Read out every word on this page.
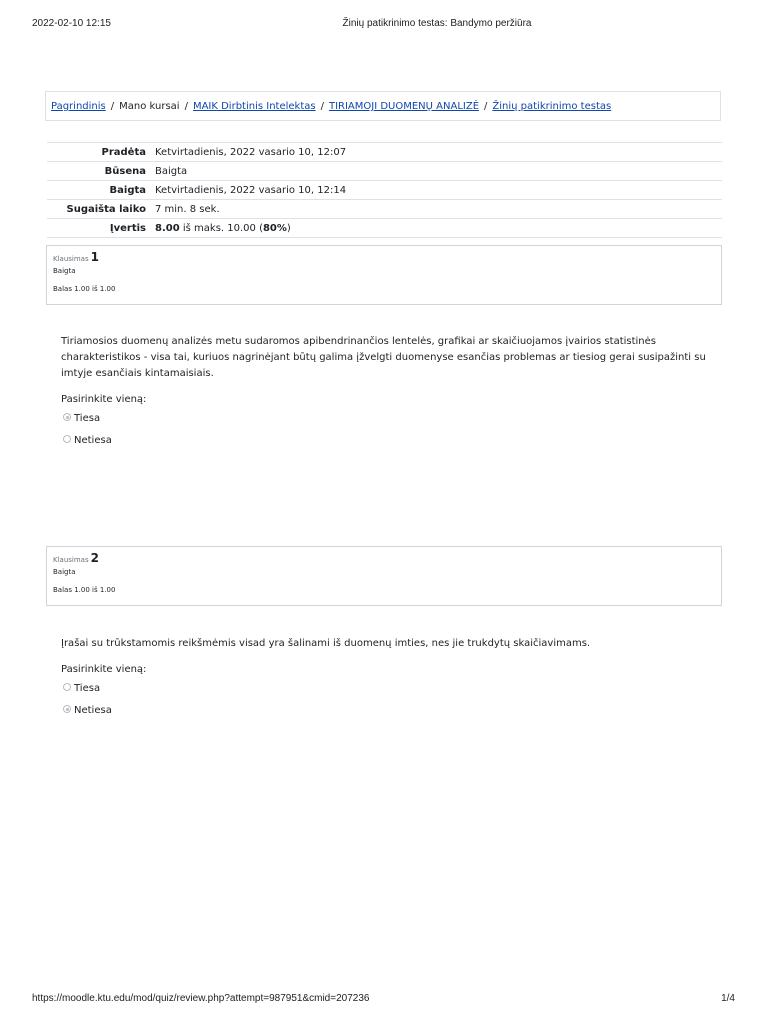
2022-02-10 12:15	Žinių patikrinimo testas: Bandymo peržiūra
Pagrindinis / Mano kursai / MAIK Dirbtinis Intelektas / TIRIAMOJI DUOMENŲ ANALIZĖ / Žinių patikrinimo testas
Pradėta	Ketvirtadienis, 2022 vasario 10, 12:07
Būsena	Baigta
Baigta	Ketvirtadienis, 2022 vasario 10, 12:14
Sugaišta laiko	7 min. 8 sek.
Įvertis	8.00 iš maks. 10.00 (80%)
Klausimas 1
Baigta
Balas 1.00 iš 1.00
Tiriamosios duomenų analizės metu sudaromos apibendrinančios lentelės, grafikai ar skaičiuojamos įvairios statistinės charakteristikos - visa tai, kuriuos nagrinėjant būtų galima įžvelgti duomenyse esančias problemas ar tiesiog gerai susipažinti su imtyje esančiais kintamaisiais.
Pasirinkite vieną:
Tiesa
Netiesa
Klausimas 2
Baigta
Balas 1.00 iš 1.00
Įrašai su trūkstamomis reikšmėmis visad yra šalinami iš duomenų imties, nes jie trukdytų skaičiavimams.
Pasirinkite vieną:
Tiesa
Netiesa
https://moodle.ktu.edu/mod/quiz/review.php?attempt=987951&cmid=207236	1/4
